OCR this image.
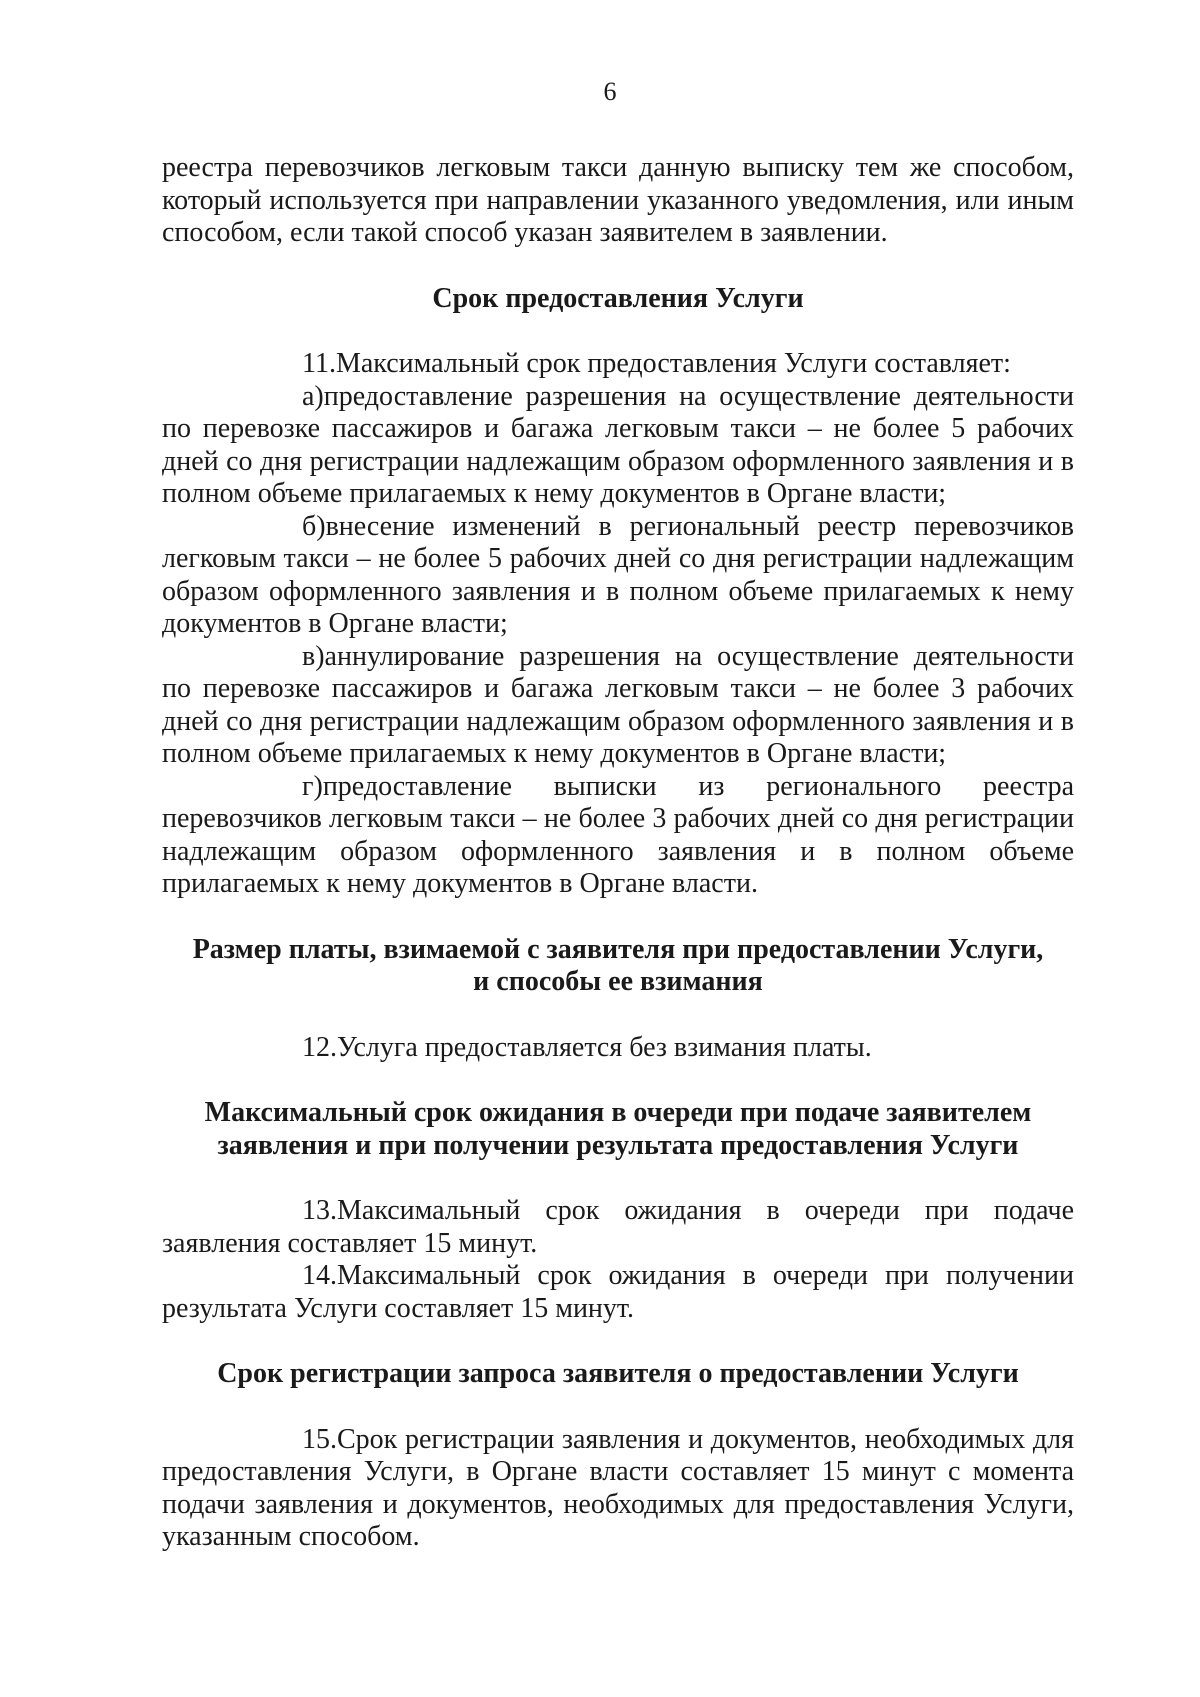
6

реестра перевозчиков легковым такси данную выписку тем же способом, который используется при направлении указанного уведомления, или иным способом, если такой способ указан заявителем в заявлении.

Срок предоставления Услуги

11.Максимальный срок предоставления Услуги составляет:

а)предоставление разрешения на осуществление деятельности по перевозке пассажиров и багажа легковым такси – не более 5 рабочих дней со дня регистрации надлежащим образом оформленного заявления и в полном объеме прилагаемых к нему документов в Органе власти;

б)внесение изменений в региональный реестр перевозчиков легковым такси – не более 5 рабочих дней со дня регистрации надлежащим образом оформленного заявления и в полном объеме прилагаемых к нему документов в Органе власти;

в)аннулирование разрешения на осуществление деятельности по перевозке пассажиров и багажа легковым такси – не более 3 рабочих дней со дня регистрации надлежащим образом оформленного заявления и в полном объеме прилагаемых к нему документов в Органе власти;

г)предоставление выписки из регионального реестра перевозчиков легковым такси – не более 3 рабочих дней со дня регистрации надлежащим образом оформленного заявления и в полном объеме прилагаемых к нему документов в Органе власти.

Размер платы, взимаемой с заявителя при предоставлении Услуги,

и способы ее взимания

12.Услуга предоставляется без взимания платы.

Максимальный срок ожидания в очереди при подаче заявителем

заявления и при получении результата предоставления Услуги

13.Максимальный срок ожидания в очереди при подаче заявления составляет 15 минут.

14.Максимальный срок ожидания в очереди при получении результата Услуги составляет 15 минут.

Срок регистрации запроса заявителя о предоставлении Услуги

15.Срок регистрации заявления и документов, необходимых для предоставления Услуги, в Органе власти составляет 15 минут с момента подачи заявления и документов, необходимых для предоставления Услуги, указанным способом.
